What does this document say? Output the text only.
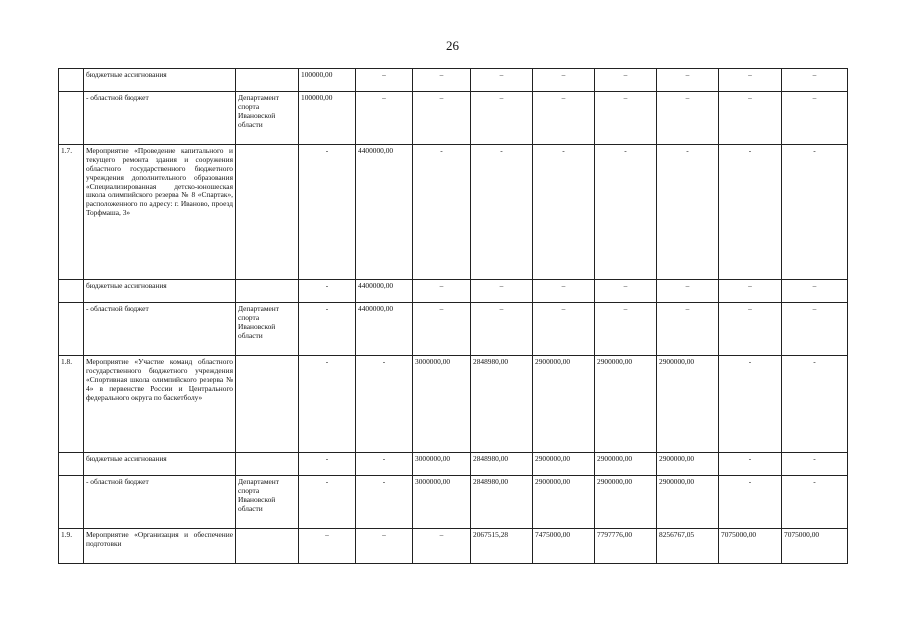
26
	бюджетные ассигнования		100000,00	–	–	–	–	–	–	–	–
	- областной бюджет	Департамент спорта Ивановской области	100000,00	–	–	–	–	–	–	–	–
1.7.	Мероприятие «Проведение капитального и текущего ремонта здания и сооружения областного государственного бюджетного учреждения дополнительного образования «Специализированная детско-юношеская школа олимпийского резерва № 8 «Спартак», расположенного по адресу: г. Иваново, проезд Торфмаша, 3»		-	4400000,00	-	-	-	-	-	-	-
	бюджетные ассигнования		-	4400000,00	–	–	–	–	–	–	–
	- областной бюджет	Департамент спорта Ивановской области	-	4400000,00	–	–	–	–	–	–	–
1.8.	Мероприятие «Участие команд областного государственного бюджетного учреждения «Спортивная школа олимпийского резерва № 4» в первенстве России и Центрального федерального округа по баскетболу»		-	-	3000000,00	2848980,00	2900000,00	2900000,00	2900000,00	-	-
	бюджетные ассигнования		-	-	3000000,00	2848980,00	2900000,00	2900000,00	2900000,00	-	-
	- областной бюджет	Департамент спорта Ивановской области	-	-	3000000,00	2848980,00	2900000,00	2900000,00	2900000,00	-	-
1.9.	Мероприятие «Организация и обеспечение подготовки		–	–	–	2067515,28	7475000,00	7797776,00	8256767,05	7075000,00	7075000,00
